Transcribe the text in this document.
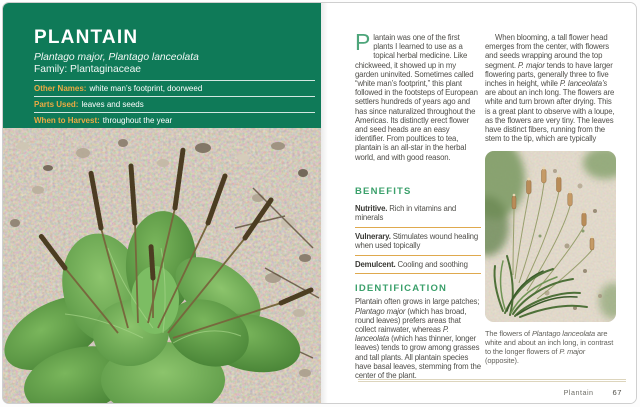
PLANTAIN
Plantago major, Plantago lanceolata
Family: Plantaginaceae
Other Names: white man’s footprint, doorweed
Parts Used: leaves and seeds
When to Harvest: throughout the year

Plantain was one of the first plants I learned to use as a topical herbal medicine. Like chickweed, it showed up in my garden uninvited. Sometimes called “white man’s footprint,” this plant followed in the footsteps of European settlers hundreds of years ago and has since naturalized throughout the Americas. Its distinctly erect flower and seed heads are an easy identifier. From poultices to tea, plantain is an all-star in the herbal world, and with good reason.

BENEFITS
Nutritive. Rich in vitamins and minerals
Vulnerary. Stimulates wound healing when used topically
Demulcent. Cooling and soothing
IDENTIFICATION

Plantain often grows in large patches; Plantago major (which has broad, round leaves) prefers areas that collect rainwater, whereas P. lanceolata (which has thinner, longer leaves) tends to grow among grasses and tall plants. All plantain species have basal leaves, stemming from the center of the plant.

When blooming, a tall flower head emerges from the center, with flowers and seeds wrapping around the top segment. P. major tends to have larger flowering parts, generally three to five inches in height, while P. lanceolata’s are about an inch long. The flowers are white and turn brown after drying. This is a great plant to observe with a loupe, as the flowers are very tiny. The leaves have distinct fibers, running from the stem to the tip, which are typically

The flowers of Plantago lanceolata are white and about an inch long, in contrast to the longer flowers of P. major (opposite).

Plantain	67
